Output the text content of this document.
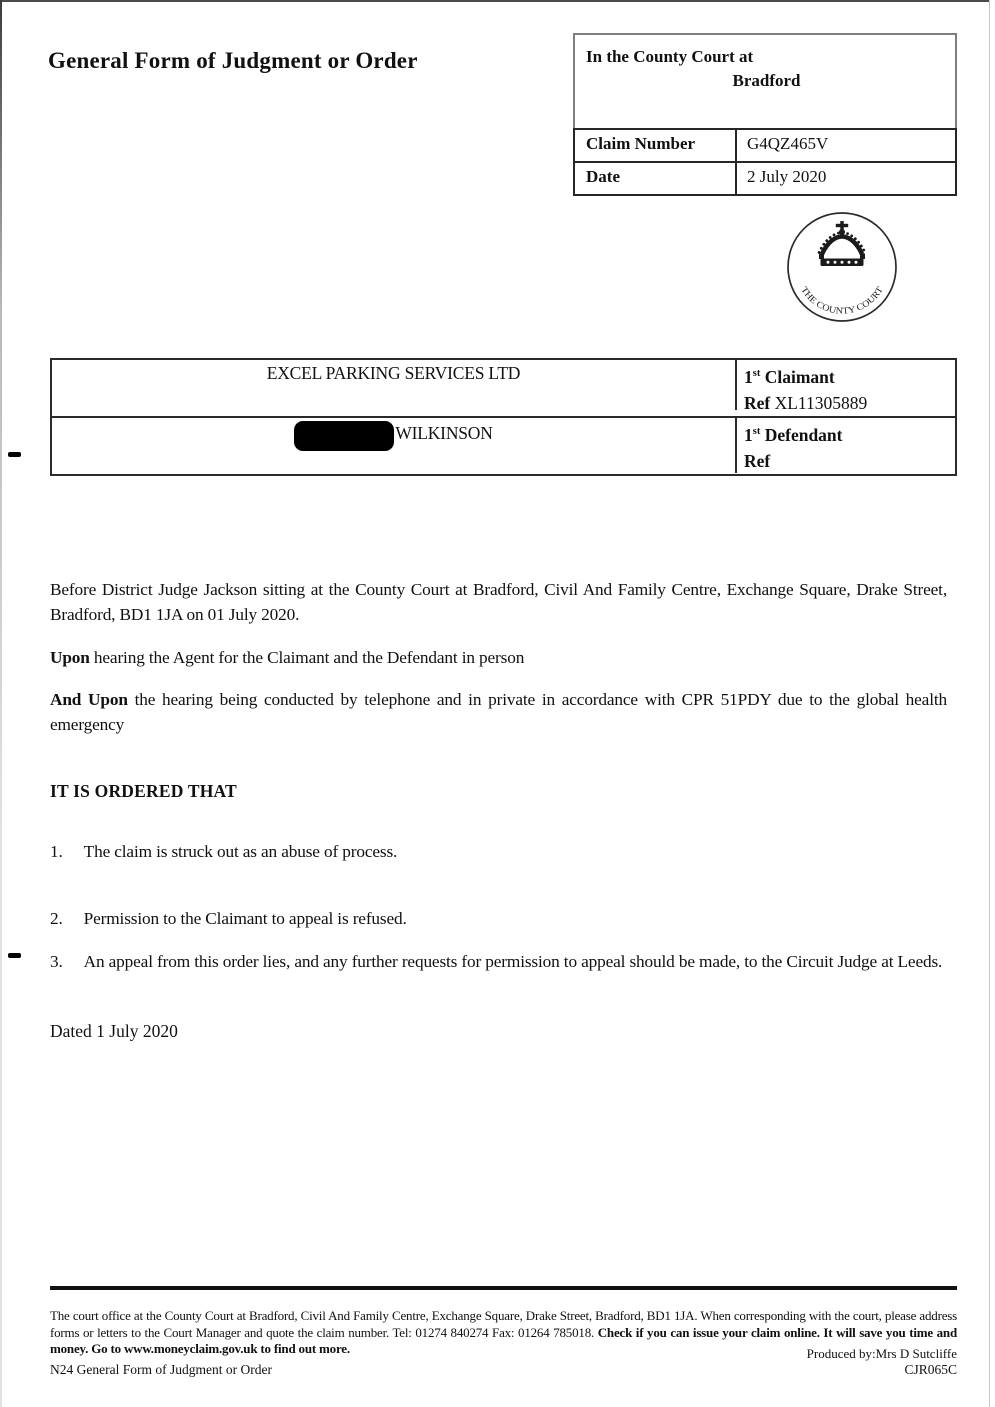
General Form of Judgment or Order	In the County Court at
Bradford
Claim Number	G4QZ465V
Date	2 July 2020
THE COUNTY COURT
EXCEL PARKING SERVICES LTD	1st Claimant
Ref XL11305889
WILKINSON	1st Defendant
Ref

Before District Judge Jackson sitting at the County Court at Bradford, Civil And Family Centre, Exchange Square, Drake Street, Bradford, BD1 1JA on 01 July 2020.

Upon hearing the Agent for the Claimant and the Defendant in person

And Upon the hearing being conducted by telephone and in private in accordance with CPR 51PDY due to the global health emergency

IT IS ORDERED THAT

1. The claim is struck out as an abuse of process.

2. Permission to the Claimant to appeal is refused.

3. An appeal from this order lies, and any further requests for permission to appeal should be made, to the Circuit Judge at Leeds.

Dated 1 July 2020

The court office at the County Court at Bradford, Civil And Family Centre, Exchange Square, Drake Street, Bradford, BD1 1JA. When corresponding with the court, please address forms or letters to the Court Manager and quote the claim number. Tel: 01274 840274 Fax: 01264 785018. Check if you can issue your claim online. It will save you time and money. Go to www.moneyclaim.gov.uk to find out more.	Produced by:Mrs D Sutcliffe
N24 General Form of Judgment or Order	CJR065C
